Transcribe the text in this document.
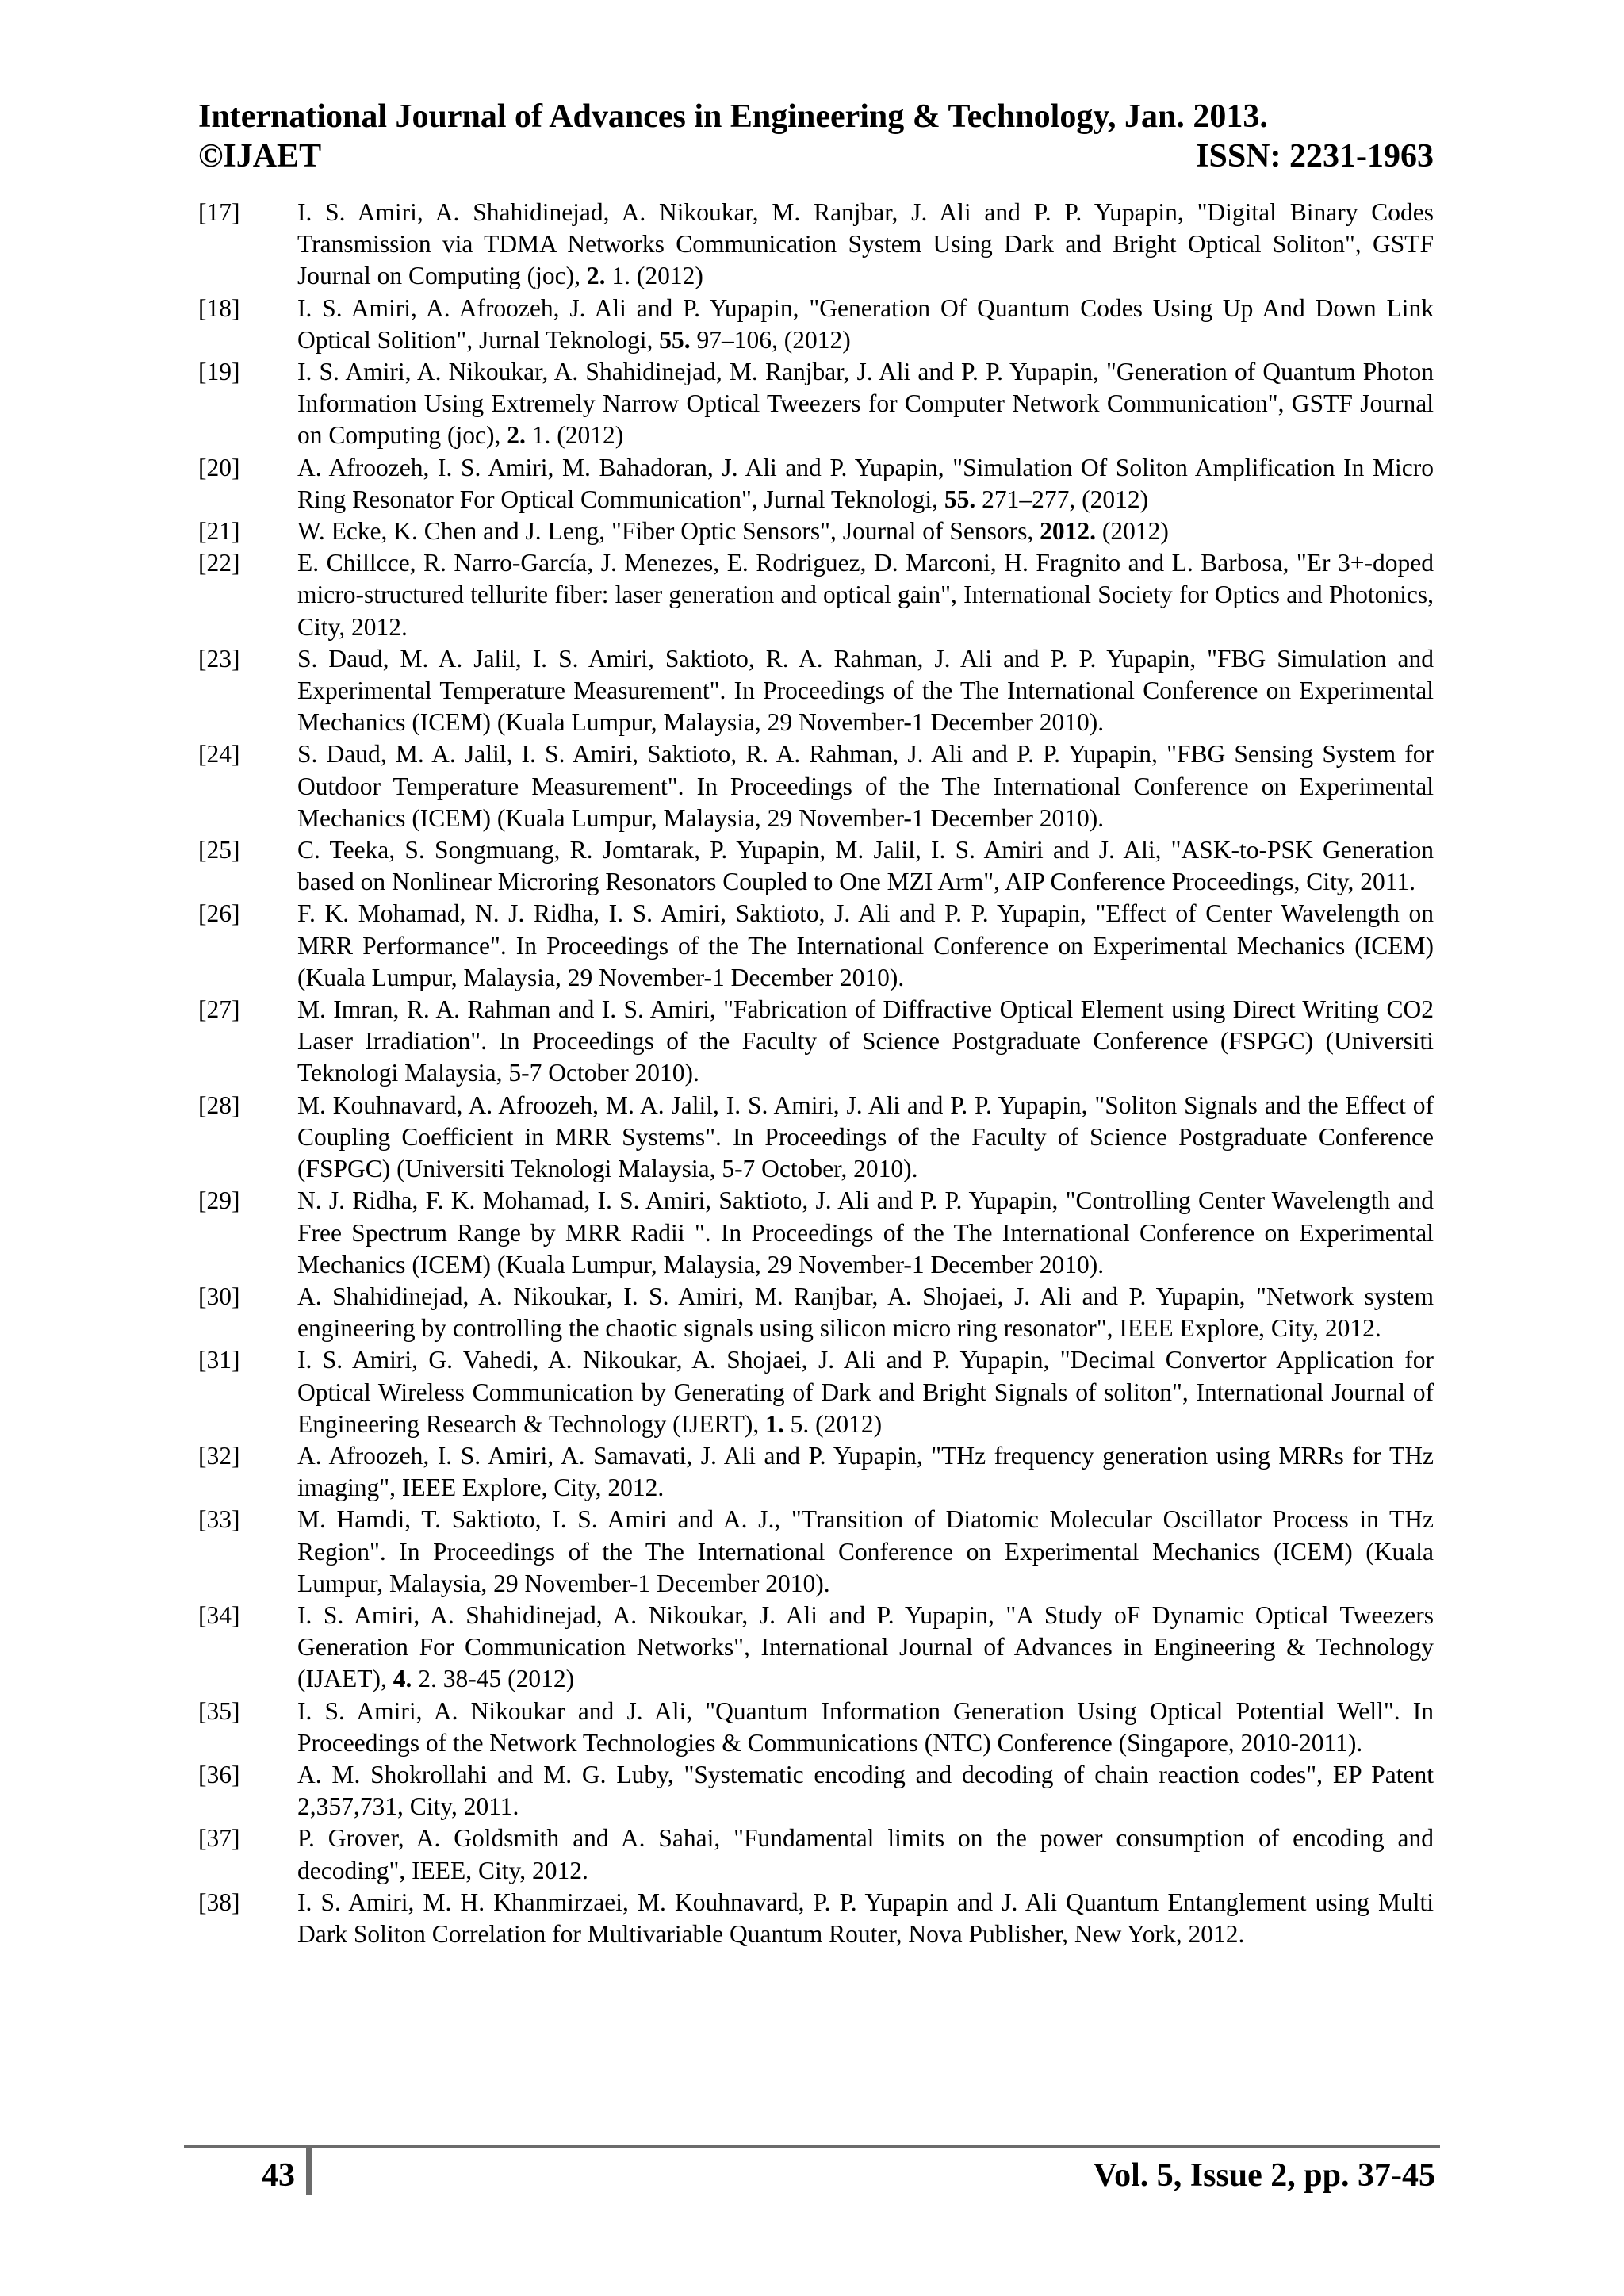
International Journal of Advances in Engineering & Technology, Jan. 2013.
©IJAET	ISSN: 2231-1963
[17]	I. S. Amiri, A. Shahidinejad, A. Nikoukar, M. Ranjbar, J. Ali and P. P. Yupapin, "Digital Binary Codes Transmission via TDMA Networks Communication System Using Dark and Bright Optical Soliton", GSTF Journal on Computing (joc), 2. 1. (2012)
[18]	I. S. Amiri, A. Afroozeh, J. Ali and P. Yupapin, "Generation Of Quantum Codes Using Up And Down Link Optical Solition", Jurnal Teknologi, 55. 97–106, (2012)
[19]	I. S. Amiri, A. Nikoukar, A. Shahidinejad, M. Ranjbar, J. Ali and P. P. Yupapin, "Generation of Quantum Photon Information Using Extremely Narrow Optical Tweezers for Computer Network Communication", GSTF Journal on Computing (joc), 2. 1. (2012)
[20]	A. Afroozeh, I. S. Amiri, M. Bahadoran, J. Ali and P. Yupapin, "Simulation Of Soliton Amplification In Micro Ring Resonator For Optical Communication", Jurnal Teknologi, 55. 271–277, (2012)
[21]	W. Ecke, K. Chen and J. Leng, "Fiber Optic Sensors", Journal of Sensors, 2012. (2012)
[22]	E. Chillcce, R. Narro-García, J. Menezes, E. Rodriguez, D. Marconi, H. Fragnito and L. Barbosa, "Er 3+-doped micro-structured tellurite fiber: laser generation and optical gain", International Society for Optics and Photonics, City, 2012.
[23]	S. Daud, M. A. Jalil, I. S. Amiri, Saktioto, R. A. Rahman, J. Ali and P. P. Yupapin, "FBG Simulation and Experimental Temperature Measurement". In Proceedings of the The International Conference on Experimental Mechanics (ICEM) (Kuala Lumpur, Malaysia, 29 November-1 December 2010).
[24]	S. Daud, M. A. Jalil, I. S. Amiri, Saktioto, R. A. Rahman, J. Ali and P. P. Yupapin, "FBG Sensing System for Outdoor Temperature Measurement". In Proceedings of the The International Conference on Experimental Mechanics (ICEM) (Kuala Lumpur, Malaysia, 29 November-1 December 2010).
[25]	C. Teeka, S. Songmuang, R. Jomtarak, P. Yupapin, M. Jalil, I. S. Amiri and J. Ali, "ASK-to-PSK Generation based on Nonlinear Microring Resonators Coupled to One MZI Arm", AIP Conference Proceedings, City, 2011.
[26]	F. K. Mohamad, N. J. Ridha, I. S. Amiri, Saktioto, J. Ali and P. P. Yupapin, "Effect of Center Wavelength on MRR Performance". In Proceedings of the The International Conference on Experimental Mechanics (ICEM) (Kuala Lumpur, Malaysia, 29 November-1 December 2010).
[27]	M. Imran, R. A. Rahman and I. S. Amiri, "Fabrication of Diffractive Optical Element using Direct Writing CO2 Laser Irradiation". In Proceedings of the Faculty of Science Postgraduate Conference (FSPGC) (Universiti Teknologi Malaysia, 5-7 October 2010).
[28]	M. Kouhnavard, A. Afroozeh, M. A. Jalil, I. S. Amiri, J. Ali and P. P. Yupapin, "Soliton Signals and the Effect of Coupling Coefficient in MRR Systems". In Proceedings of the Faculty of Science Postgraduate Conference (FSPGC) (Universiti Teknologi Malaysia, 5-7 October, 2010).
[29]	N. J. Ridha, F. K. Mohamad, I. S. Amiri, Saktioto, J. Ali and P. P. Yupapin, "Controlling Center Wavelength and Free Spectrum Range by MRR Radii ". In Proceedings of the The International Conference on Experimental Mechanics (ICEM) (Kuala Lumpur, Malaysia, 29 November-1 December 2010).
[30]	A. Shahidinejad, A. Nikoukar, I. S. Amiri, M. Ranjbar, A. Shojaei, J. Ali and P. Yupapin, "Network system engineering by controlling the chaotic signals using silicon micro ring resonator", IEEE Explore, City, 2012.
[31]	I. S. Amiri, G. Vahedi, A. Nikoukar, A. Shojaei, J. Ali and P. Yupapin, "Decimal Convertor Application for Optical Wireless Communication by Generating of Dark and Bright Signals of soliton", International Journal of Engineering Research & Technology (IJERT), 1. 5. (2012)
[32]	A. Afroozeh, I. S. Amiri, A. Samavati, J. Ali and P. Yupapin, "THz frequency generation using MRRs for THz imaging", IEEE Explore, City, 2012.
[33]	M. Hamdi, T. Saktioto, I. S. Amiri and A. J., "Transition of Diatomic Molecular Oscillator Process in THz Region". In Proceedings of the The International Conference on Experimental Mechanics (ICEM) (Kuala Lumpur, Malaysia, 29 November-1 December 2010).
[34]	I. S. Amiri, A. Shahidinejad, A. Nikoukar, J. Ali and P. Yupapin, "A Study oF Dynamic Optical Tweezers Generation For Communication Networks", International Journal of Advances in Engineering & Technology (IJAET), 4. 2. 38-45 (2012)
[35]	I. S. Amiri, A. Nikoukar and J. Ali, "Quantum Information Generation Using Optical Potential Well". In Proceedings of the Network Technologies & Communications (NTC) Conference (Singapore, 2010-2011).
[36]	A. M. Shokrollahi and M. G. Luby, "Systematic encoding and decoding of chain reaction codes", EP Patent 2,357,731, City, 2011.
[37]	P. Grover, A. Goldsmith and A. Sahai, "Fundamental limits on the power consumption of encoding and decoding", IEEE, City, 2012.
[38]	I. S. Amiri, M. H. Khanmirzaei, M. Kouhnavard, P. P. Yupapin and J. Ali Quantum Entanglement using Multi Dark Soliton Correlation for Multivariable Quantum Router, Nova Publisher, New York, 2012.
43	Vol. 5, Issue 2, pp. 37-45
